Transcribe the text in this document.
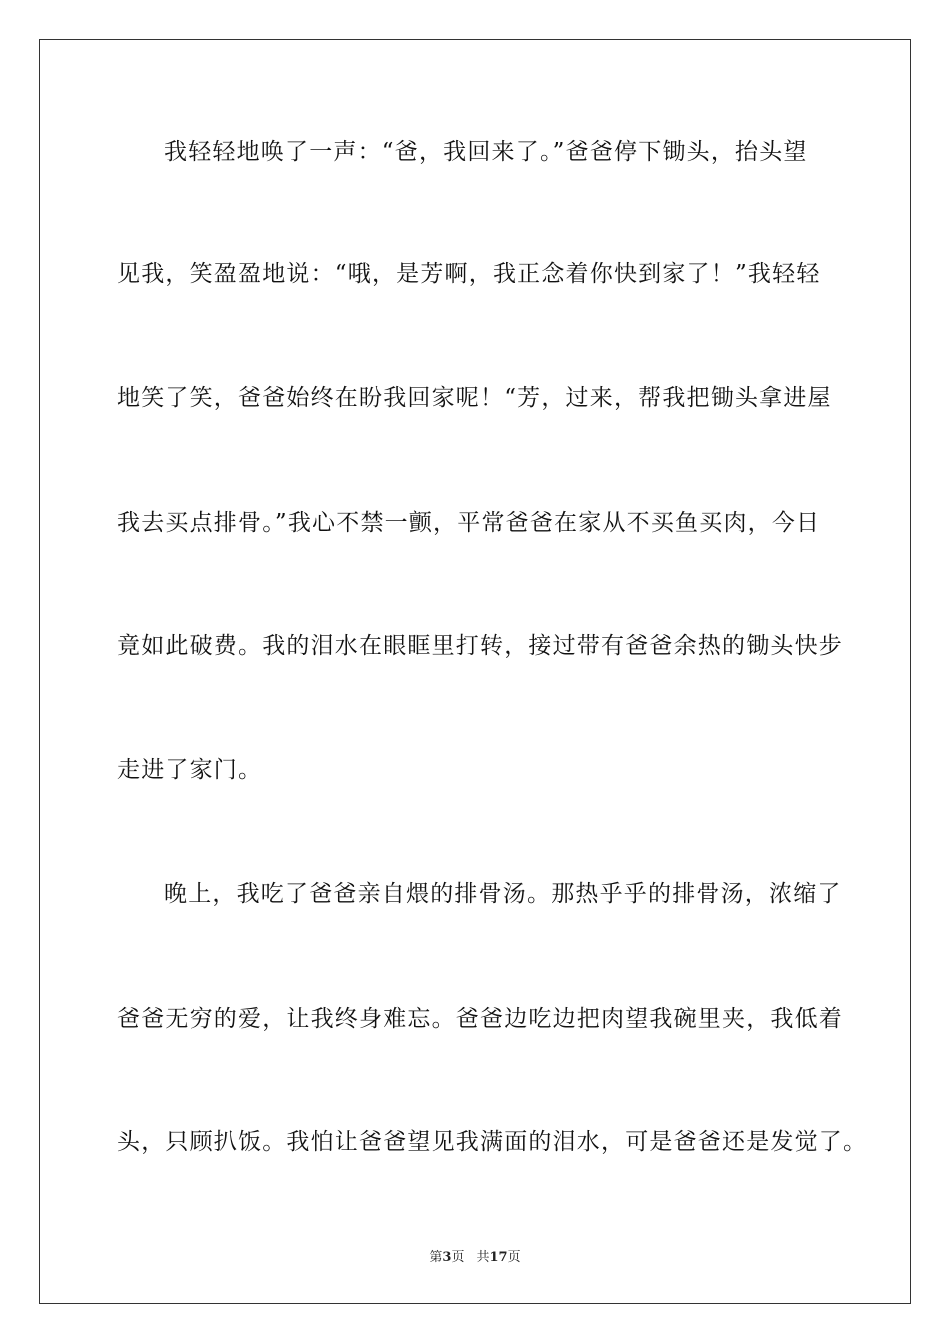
我轻轻地唤了一声：“爸，我回来了。”爸爸停下锄头，抬头望
见我，笑盈盈地说：“哦，是芳啊，我正念着你快到家了！”我轻轻
地笑了笑，爸爸始终在盼我回家呢！“芳，过来，帮我把锄头拿进屋
我去买点排骨。”我心不禁一颤，平常爸爸在家从不买鱼买肉，今日
竟如此破费。我的泪水在眼眶里打转，接过带有爸爸余热的锄头快步
走进了家门。
晚上，我吃了爸爸亲自煨的排骨汤。那热乎乎的排骨汤，浓缩了
爸爸无穷的爱，让我终身难忘。爸爸边吃边把肉望我碗里夹，我低着
头，只顾扒饭。我怕让爸爸望见我满面的泪水，可是爸爸还是发觉了。
第3页 共17页
